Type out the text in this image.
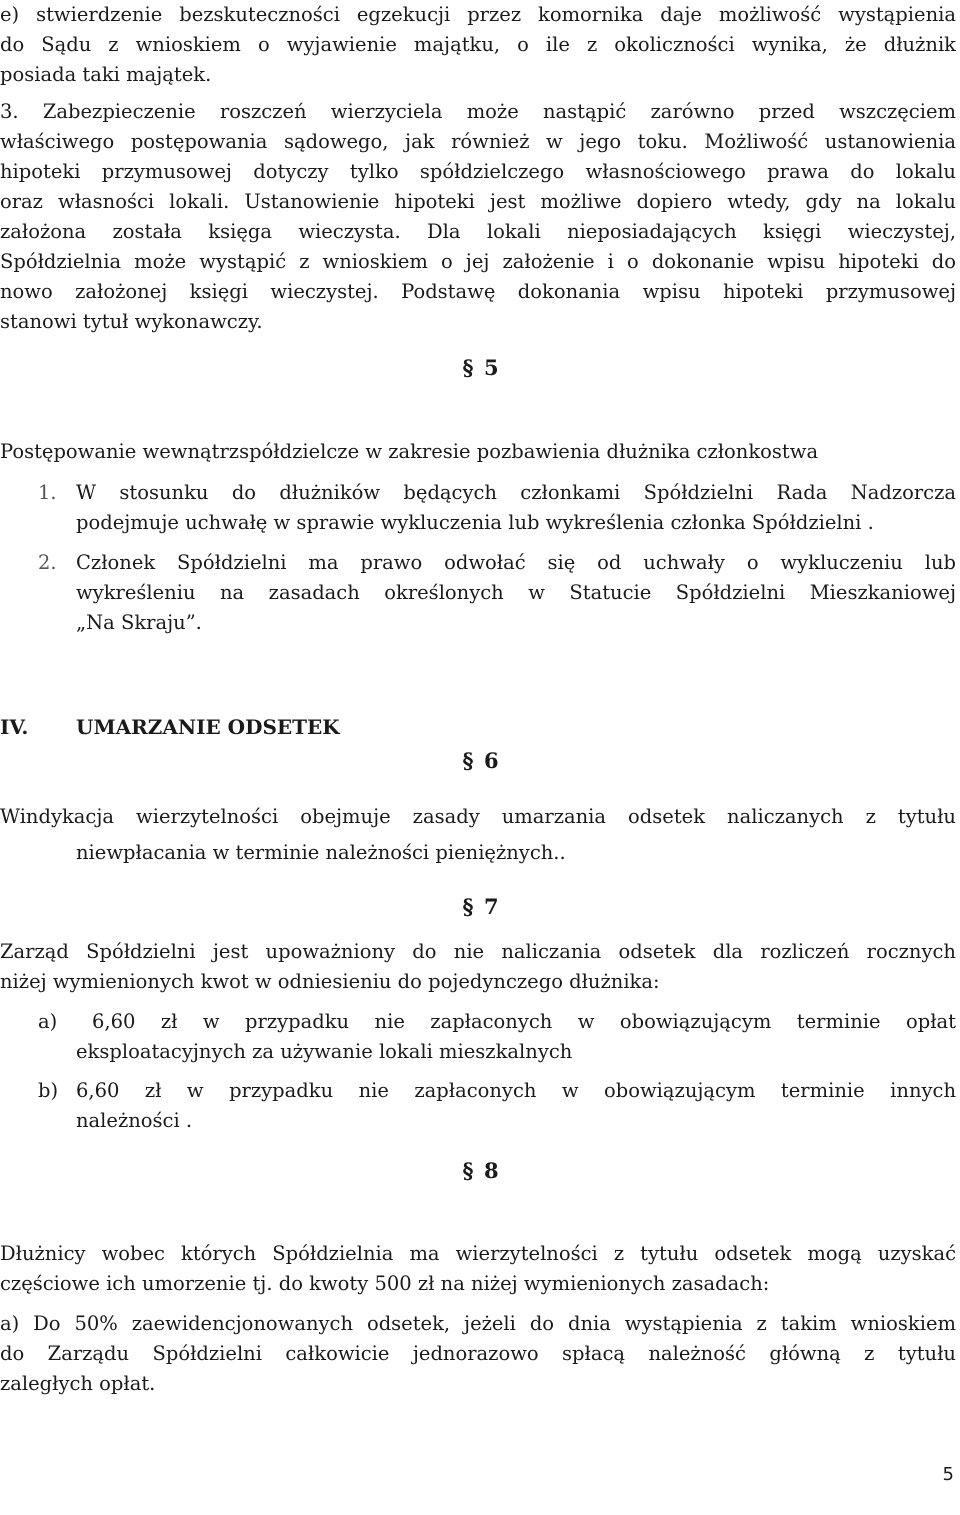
e) stwierdzenie bezskuteczności egzekucji przez komornika daje możliwość wystąpienia
do Sądu z wnioskiem o wyjawienie majątku, o ile z okoliczności wynika, że dłużnik
posiada taki majątek.
3. Zabezpieczenie roszczeń wierzyciela może nastąpić zarówno przed wszczęciem
właściwego postępowania sądowego, jak również w jego toku. Możliwość ustanowienia
hipoteki przymusowej dotyczy tylko spółdzielczego własnościowego prawa do lokalu
oraz własności lokali. Ustanowienie hipoteki jest możliwe dopiero wtedy, gdy na lokalu
założona została księga wieczysta. Dla lokali nieposiadających księgi wieczystej,
Spółdzielnia może wystąpić z wnioskiem o jej założenie i o dokonanie wpisu hipoteki do
nowo założonej księgi wieczystej. Podstawę dokonania wpisu hipoteki przymusowej
stanowi tytuł wykonawczy.
§ 5
Postępowanie wewnątrzspółdzielcze w zakresie pozbawienia dłużnika członkostwa
1. W stosunku do dłużników będących członkami Spółdzielni Rada Nadzorcza
podejmuje uchwałę w sprawie wykluczenia lub wykreślenia członka Spółdzielni .
2. Członek Spółdzielni ma prawo odwołać się od uchwały o wykluczeniu lub
wykreśleniu na zasadach określonych w Statucie Spółdzielni Mieszkaniowej
„Na Skraju”.
IV. UMARZANIE ODSETEK
§ 6
Windykacja wierzytelności obejmuje zasady umarzania odsetek naliczanych z tytułu
niewpłacania w terminie należności pieniężnych..
§ 7
Zarząd Spółdzielni jest upoważniony do nie naliczania odsetek dla rozliczeń rocznych
niżej wymienionych kwot w odniesieniu do pojedynczego dłużnika:
a) 6,60 zł w przypadku nie zapłaconych w obowiązującym terminie opłat
eksploatacyjnych za używanie lokali mieszkalnych
b) 6,60 zł w przypadku nie zapłaconych w obowiązującym terminie innych
należności .
§ 8
Dłużnicy wobec których Spółdzielnia ma wierzytelności z tytułu odsetek mogą uzyskać
częściowe ich umorzenie tj. do kwoty 500 zł na niżej wymienionych zasadach:
a) Do 50% zaewidencjonowanych odsetek, jeżeli do dnia wystąpienia z takim wnioskiem
do Zarządu Spółdzielni całkowicie jednorazowo spłacą należność główną z tytułu
zaległych opłat.
5
